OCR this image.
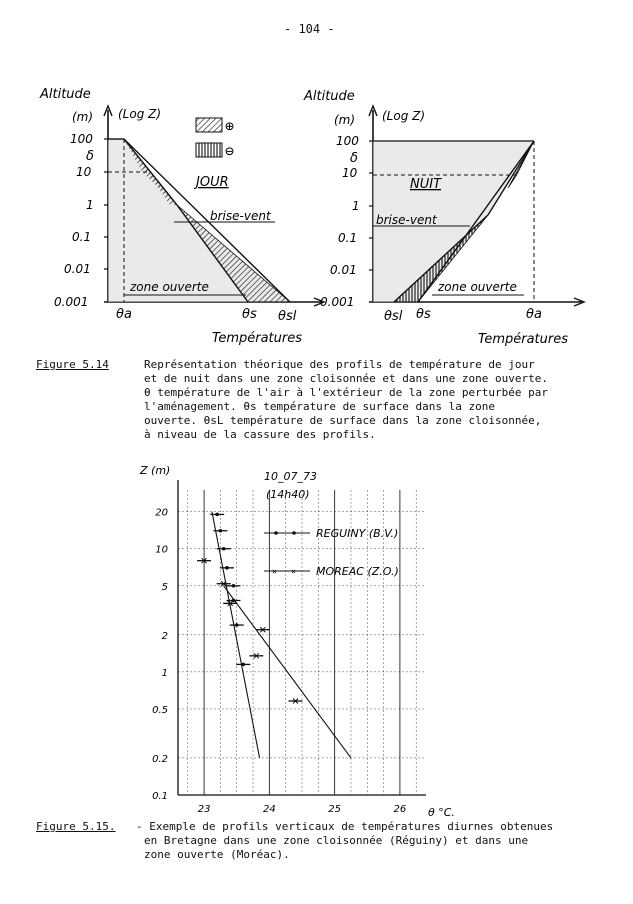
- 104 -
Altitude
(m) (Log Z)
100
10
1
0.1
0.01
0.001
δ
⊕
⊖
JOUR
brise-vent
zone ouverte
θa	θs θsl
Températures
Altitude
(m) (Log Z)
100
10
1
0.1
0.01
0.001
δ
NUIT
brise-vent
zone ouverte
θsl θs	θa
Températures
Figure 5.14	Représentation théorique des profils de température de jour
et de nuit dans une zone cloisonnée et dans une zone ouverte.
θ température de l'air à l'extérieur de la zone perturbée par
l'aménagement. θs température de surface dans la zone
ouverte. θsL température de surface dans la zone cloisonnée,
à niveau de la cassure des profils.
20
10
5
2
1
0.5
0.2
0.1
23	24	25	26
Z (m)	10_07_73
(14h40)
θ °C.
REGUINY (B.V.)
× × MOREAC (Z.O.)
Figure 5.15.	- Exemple de profils verticaux de températures diurnes obtenues
en Bretagne dans une zone cloisonnée (Réguiny) et dans une
zone ouverte (Moréac).
